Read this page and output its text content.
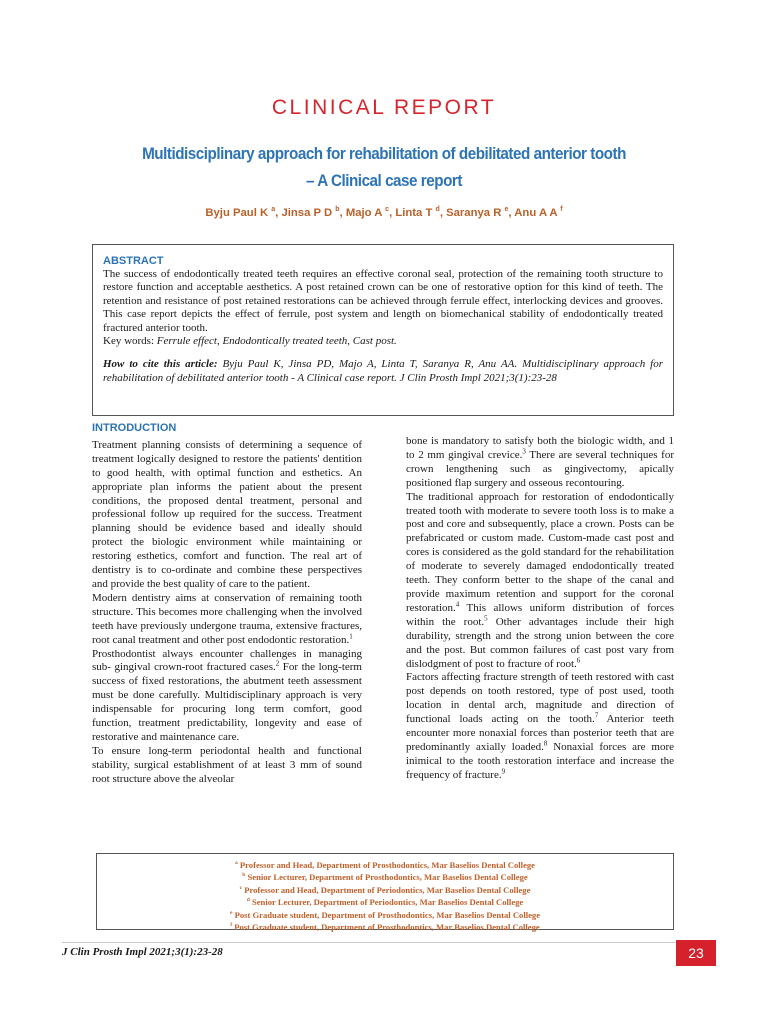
CLINICAL REPORT
Multidisciplinary approach for rehabilitation of debilitated anterior tooth
– A Clinical case report
Byju Paul K $^a$, Jinsa P D $^b$, Majo A $^c$, Linta T $^d$, Saranya R $^e$, Anu A A $^f$
ABSTRACT

The success of endodontically treated teeth requires an effective coronal seal, protection of the remaining tooth structure to restore function and acceptable aesthetics. A post retained crown can be one of restorative option for this kind of teeth. The retention and resistance of post retained restorations can be achieved through ferrule effect, interlocking devices and grooves. This case report depicts the effect of ferrule, post system and length on biomechanical stability of endodontically treated fractured anterior tooth.

Key words: Ferrule effect, Endodontically treated teeth, Cast post.

How to cite this article: Byju Paul K, Jinsa PD, Majo A, Linta T, Saranya R, Anu AA. Multidisciplinary approach for rehabilitation of debilitated anterior tooth - A Clinical case report. J Clin Prosth Impl 2021;3(1):23-28

INTRODUCTION

Treatment planning consists of determining a sequence of treatment logically designed to restore the patients' dentition to good health, with optimal function and esthetics. An appropriate plan informs the patient about the present conditions, the proposed dental treatment, personal and professional follow up required for the success. Treatment planning should be evidence based and ideally should protect the biologic environment while maintaining or restoring esthetics, comfort and function. The real art of dentistry is to co-ordinate and combine these perspectives and provide the best quality of care to the patient.

Modern dentistry aims at conservation of remaining tooth structure. This becomes more challenging when the involved teeth have previously undergone trauma, extensive fractures, root canal treatment and other post endodontic restoration.$^1$

Prosthodontist always encounter challenges in managing sub- gingival crown-root fractured cases.$^2$ For the long-term success of fixed restorations, the abutment teeth assessment must be done carefully. Multidisciplinary approach is very indispensable for procuring long term comfort, good function, treatment predictability, longevity and ease of restorative and maintenance care.

To ensure long-term periodontal health and functional stability, surgical establishment of at least 3 mm of sound root structure above the alveolar

bone is mandatory to satisfy both the biologic width, and 1 to 2 mm gingival crevice.$^3$ There are several techniques for crown lengthening such as gingivectomy, apically positioned flap surgery and osseous recontouring.

The traditional approach for restoration of endodontically treated tooth with moderate to severe tooth loss is to make a post and core and subsequently, place a crown. Posts can be prefabricated or custom made. Custom-made cast post and cores is considered as the gold standard for the rehabilitation of moderate to severely damaged endodontically treated teeth. They conform better to the shape of the canal and provide maximum retention and support for the coronal restoration.$^4$ This allows uniform distribution of forces within the root.$^5$ Other advantages include their high durability, strength and the strong union between the core and the post. But common failures of cast post vary from dislodgment of post to fracture of root.$^6$

Factors affecting fracture strength of teeth restored with cast post depends on tooth restored, type of post used, tooth location in dental arch, magnitude and direction of functional loads acting on the tooth.$^7$ Anterior teeth encounter more nonaxial forces than posterior teeth that are predominantly axially loaded.$^8$ Nonaxial forces are more inimical to the tooth restoration interface and increase the frequency of fracture.$^9$

$^a$ Professor and Head, Department of Prosthodontics, Mar Baselios Dental College
$^b$ Senior Lecturer, Department of Prosthodontics, Mar Baselios Dental College
$^c$ Professor and Head, Department of Periodontics, Mar Baselios Dental College
$^d$ Senior Lecturer, Department of Periodontics, Mar Baselios Dental College
$^e$ Post Graduate student, Department of Prosthodontics, Mar Baselios Dental College
$^f$ Post Graduate student, Department of Prosthodontics, Mar Baselios Dental College
J Clin Prosth Impl 2021;3(1):23-28	23
